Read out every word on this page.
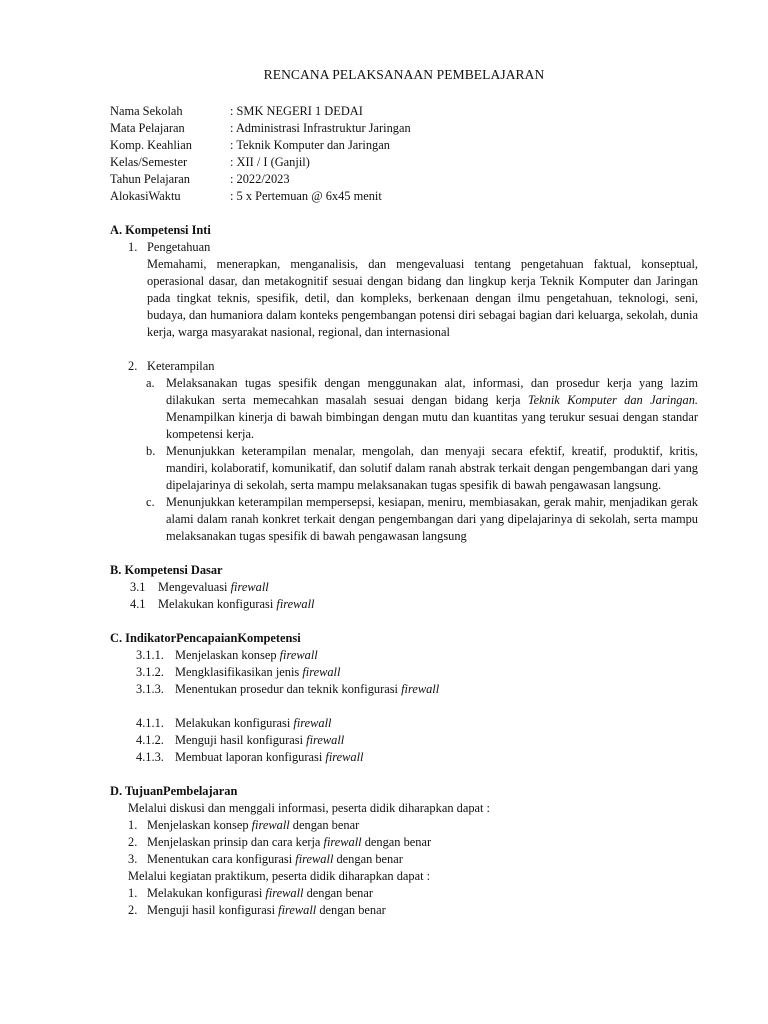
RENCANA PELAKSANAAN PEMBELAJARAN
Nama Sekolah	: SMK NEGERI 1 DEDAI
Mata Pelajaran	: Administrasi Infrastruktur Jaringan
Komp. Keahlian	: Teknik Komputer dan Jaringan
Kelas/Semester	: XII / I (Ganjil)
Tahun Pelajaran	: 2022/2023
AlokasiWaktu	: 5 x Pertemuan @ 6x45 menit
A. Kompetensi Inti
1. Pengetahuan
Memahami, menerapkan, menganalisis, dan mengevaluasi tentang pengetahuan faktual, konseptual, operasional dasar, dan metakognitif sesuai dengan bidang dan lingkup kerja Teknik Komputer dan Jaringan pada tingkat teknis, spesifik, detil, dan kompleks, berkenaan dengan ilmu pengetahuan, teknologi, seni, budaya, dan humaniora dalam konteks pengembangan potensi diri sebagai bagian dari keluarga, sekolah, dunia kerja, warga masyarakat nasional, regional, dan internasional
2. Keterampilan
a. Melaksanakan tugas spesifik dengan menggunakan alat, informasi, dan prosedur kerja yang lazim dilakukan serta memecahkan masalah sesuai dengan bidang kerja Teknik Komputer dan Jaringan. Menampilkan kinerja di bawah bimbingan dengan mutu dan kuantitas yang terukur sesuai dengan standar kompetensi kerja.
b. Menunjukkan keterampilan menalar, mengolah, dan menyaji secara efektif, kreatif, produktif, kritis, mandiri, kolaboratif, komunikatif, dan solutif dalam ranah abstrak terkait dengan pengembangan dari yang dipelajarinya di sekolah, serta mampu melaksanakan tugas spesifik di bawah pengawasan langsung.
c. Menunjukkan keterampilan mempersepsi, kesiapan, meniru, membiasakan, gerak mahir, menjadikan gerak alami dalam ranah konkret terkait dengan pengembangan dari yang dipelajarinya di sekolah, serta mampu melaksanakan tugas spesifik di bawah pengawasan langsung
B. Kompetensi Dasar
3.1	Mengevaluasi firewall
4.1	Melakukan konfigurasi firewall
C. IndikatorPencapaianKompetensi
3.1.1. Menjelaskan konsep firewall
3.1.2. Mengklasifikasikan jenis firewall
3.1.3. Menentukan prosedur dan teknik konfigurasi firewall
4.1.1. Melakukan konfigurasi firewall
4.1.2. Menguji hasil konfigurasi firewall
4.1.3. Membuat laporan konfigurasi firewall
D. TujuanPembelajaran
Melalui diskusi dan menggali informasi, peserta didik diharapkan dapat :
1. Menjelaskan konsep firewall dengan benar
2. Menjelaskan prinsip dan cara kerja firewall dengan benar
3. Menentukan cara konfigurasi firewall dengan benar
Melalui kegiatan praktikum, peserta didik diharapkan dapat :
1. Melakukan konfigurasi firewall dengan benar
2. Menguji hasil konfigurasi firewall dengan benar
